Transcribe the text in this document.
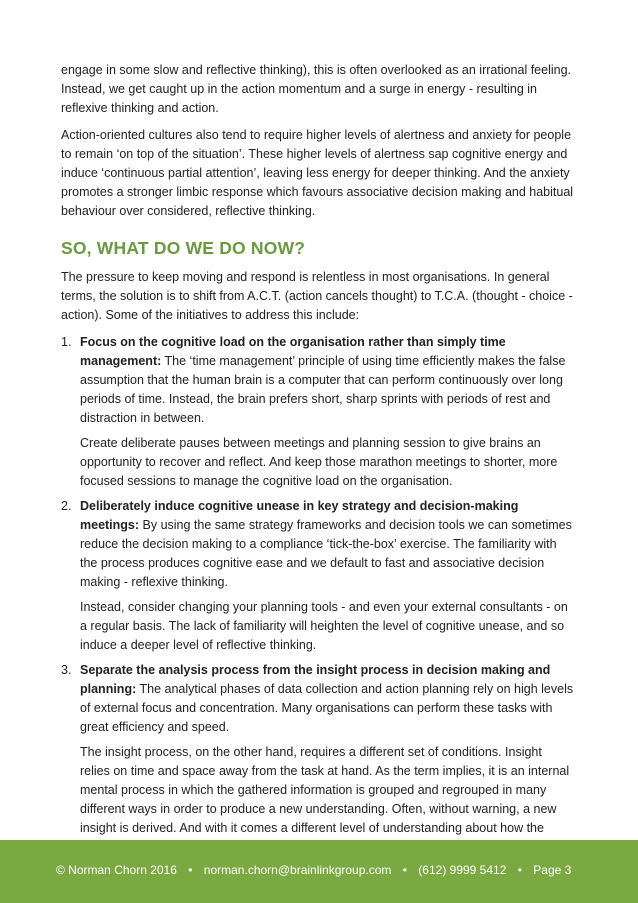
engage in some slow and reflective thinking), this is often overlooked as an irrational feeling. Instead, we get caught up in the action momentum and a surge in energy - resulting in reflexive thinking and action.

Action-oriented cultures also tend to require higher levels of alertness and anxiety for people to remain ‘on top of the situation’. These higher levels of alertness sap cognitive energy and induce ‘continuous partial attention’, leaving less energy for deeper thinking. And the anxiety promotes a stronger limbic response which favours associative decision making and habitual behaviour over considered, reflective thinking.

SO, WHAT DO WE DO NOW?

The pressure to keep moving and respond is relentless in most organisations. In general terms, the solution is to shift from A.C.T. (action cancels thought) to T.C.A. (thought - choice - action). Some of the initiatives to address this include:

1. Focus on the cognitive load on the organisation rather than simply time management: The ‘time management’ principle of using time efficiently makes the false assumption that the human brain is a computer that can perform continuously over long periods of time. Instead, the brain prefers short, sharp sprints with periods of rest and distraction in between.

Create deliberate pauses between meetings and planning session to give brains an opportunity to recover and reflect. And keep those marathon meetings to shorter, more focused sessions to manage the cognitive load on the organisation.

2. Deliberately induce cognitive unease in key strategy and decision-making meetings: By using the same strategy frameworks and decision tools we can sometimes reduce the decision making to a compliance ‘tick-the-box’ exercise. The familiarity with the process produces cognitive ease and we default to fast and associative decision making - reflexive thinking.

Instead, consider changing your planning tools - and even your external consultants - on a regular basis. The lack of familiarity will heighten the level of cognitive unease, and so induce a deeper level of reflective thinking.

3. Separate the analysis process from the insight process in decision making and planning: The analytical phases of data collection and action planning rely on high levels of external focus and concentration. Many organisations can perform these tasks with great efficiency and speed.

The insight process, on the other hand, requires a different set of conditions. Insight relies on time and space away from the task at hand. As the term implies, it is an internal mental process in which the gathered information is grouped and regrouped in many different ways in order to produce a new understanding. Often, without warning, a new insight is derived. And with it comes a different level of understanding about how the

© Norman Chorn 2016 • norman.chorn@brainlinkgroup.com • (612) 9999 5412 • Page 3
